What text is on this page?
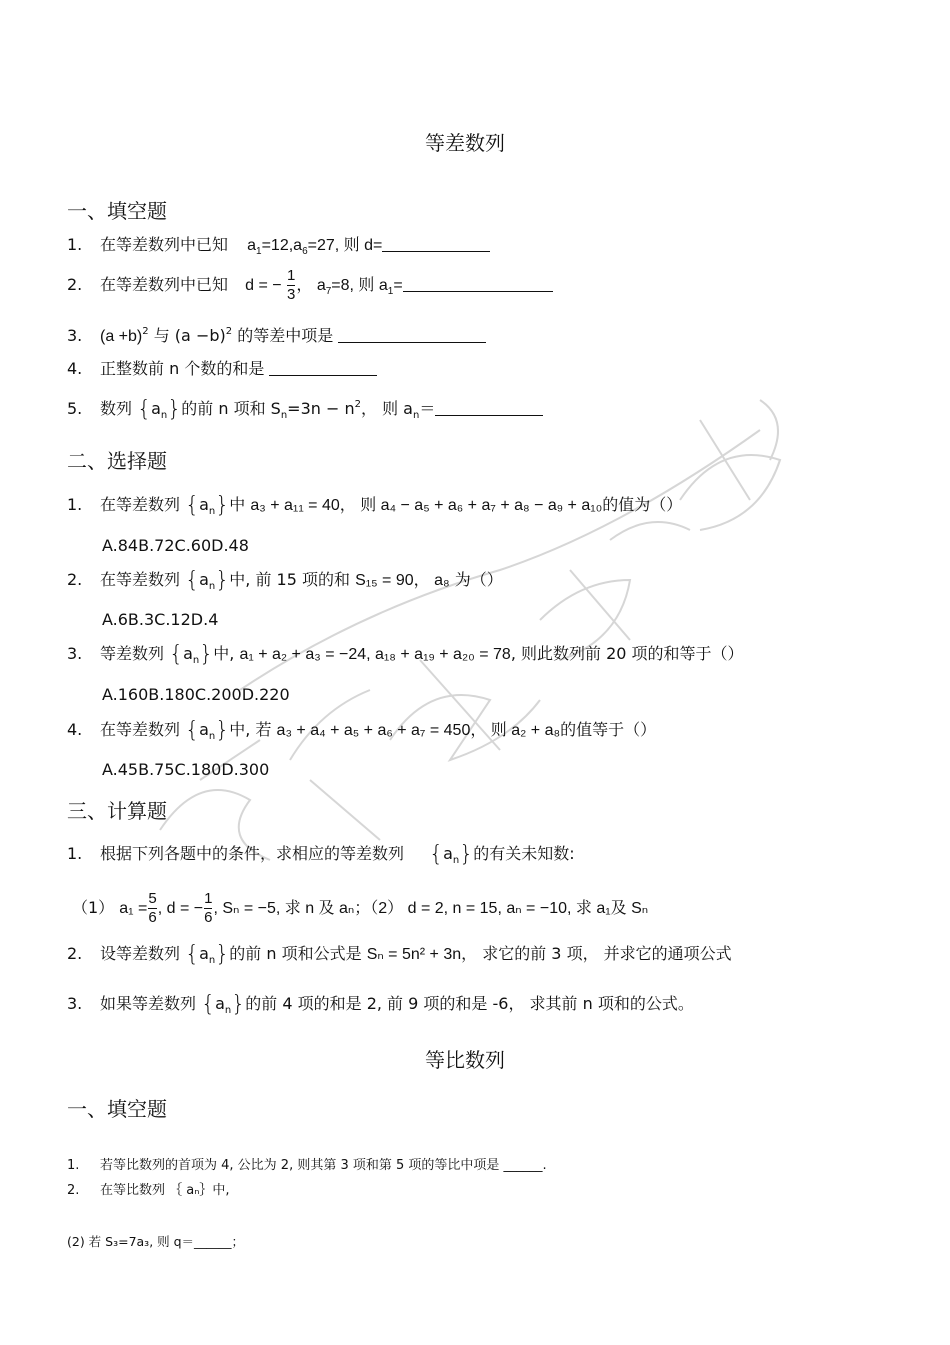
等差数列
一、填空题
1. 在等差数列中已知 $a_1=12,a_6=27$, 则 d=
2. 在等差数列中已知 d = − $\frac{1}{3}$ ， $a_7=8$, 则 $a_1=$
3. $(a +b)^2$ 与 $(a -b)^2$ 的等差中项是
4. 正整数前 n 个数的和是
5. 数列 $\{a_n\}$的前 n 项和 $S_n=3n - n^2$， 则 $a_n=$
二、选择题
1. 在等差数列 $\{a_n\}$中 a₃ + a₁₁ = 40， 则 a₄ − a₅ + a₆ + a₇ + a₈ − a₉ + a₁₀的值为（）
A.84B.72C.60D.48
2. 在等差数列 $\{a_n\}$中, 前 15 项的和 S₁₅ = 90， a₈ 为（）
A.6B.3C.12D.4
3. 等差数列 $\{a_n\}$中, a₁ + a₂ + a₃ = −24, a₁₈ + a₁₉ + a₂₀ = 78, 则此数列前 20 项的和等于（）
A.160B.180C.200D.220
4. 在等差数列 $\{a_n\}$中, 若 a₃ + a₄ + a₅ + a₆ + a₇ = 450， 则 a₂ + a₈的值等于（）
A.45B.75C.180D.300
三、计算题
1. 根据下列各题中的条件，求相应的等差数列 $\{a_n\}$的有关未知数:
（1） $a_1 = \frac{5}{6}$ , d = − $\frac{1}{6}$ , Sₙ = −5, 求 n 及 aₙ；（2） d = 2, n = 15, aₙ = −10, 求 a₁及 Sₙ
2. 设等差数列 $\{a_n\}$的前 n 项和公式是 Sₙ = 5n² + 3n， 求它的前 3 项， 并求它的通项公式
3. 如果等差数列 $\{a_n\}$的前 4 项的和是 2, 前 9 项的和是 -6， 求其前 n 项和的公式。
等比数列
一、填空题
1. 若等比数列的首项为 4, 公比为 2, 则其第 3 项和第 5 项的等比中项是 ______.
2. 在等比数列 ｛ aₙ｝中,
(2) 若 S₃=7a₃, 则 q＝______；
